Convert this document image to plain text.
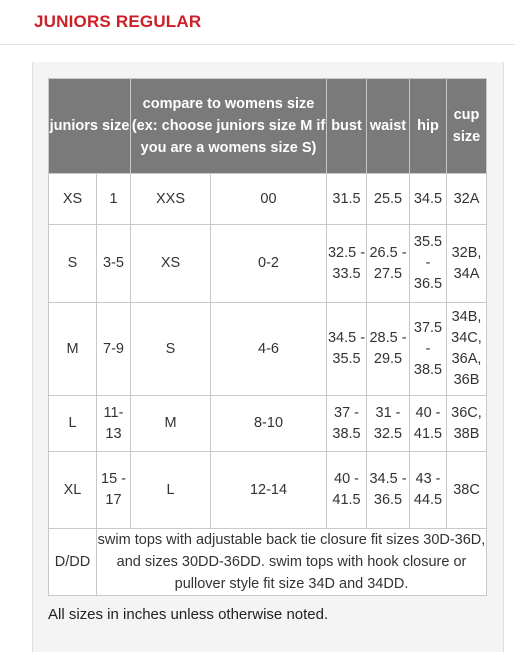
JUNIORS REGULAR
juniors size		compare to womens size (ex: choose juniors size M if you are a womens size S)		bust	waist	hip	cup size
XS	1	XXS	00	31.5	25.5	34.5	32A
S	3-5	XS	0-2	32.5 - 33.5	26.5 - 27.5	35.5 - 36.5	32B, 34A
M	7-9	S	4-6	34.5 - 35.5	28.5 - 29.5	37.5 - 38.5	34B, 34C, 36A, 36B
L	11-13	M	8-10	37 - 38.5	31 - 32.5	40 - 41.5	36C, 38B
XL	15 - 17	L	12-14	40 - 41.5	34.5 - 36.5	43 - 44.5	38C
D/DD	swim tops with adjustable back tie closure fit sizes 30D-36D, and sizes 30DD-36DD. swim tops with hook closure or pullover style fit size 34D and 34DD.						
All sizes in inches unless otherwise noted.
